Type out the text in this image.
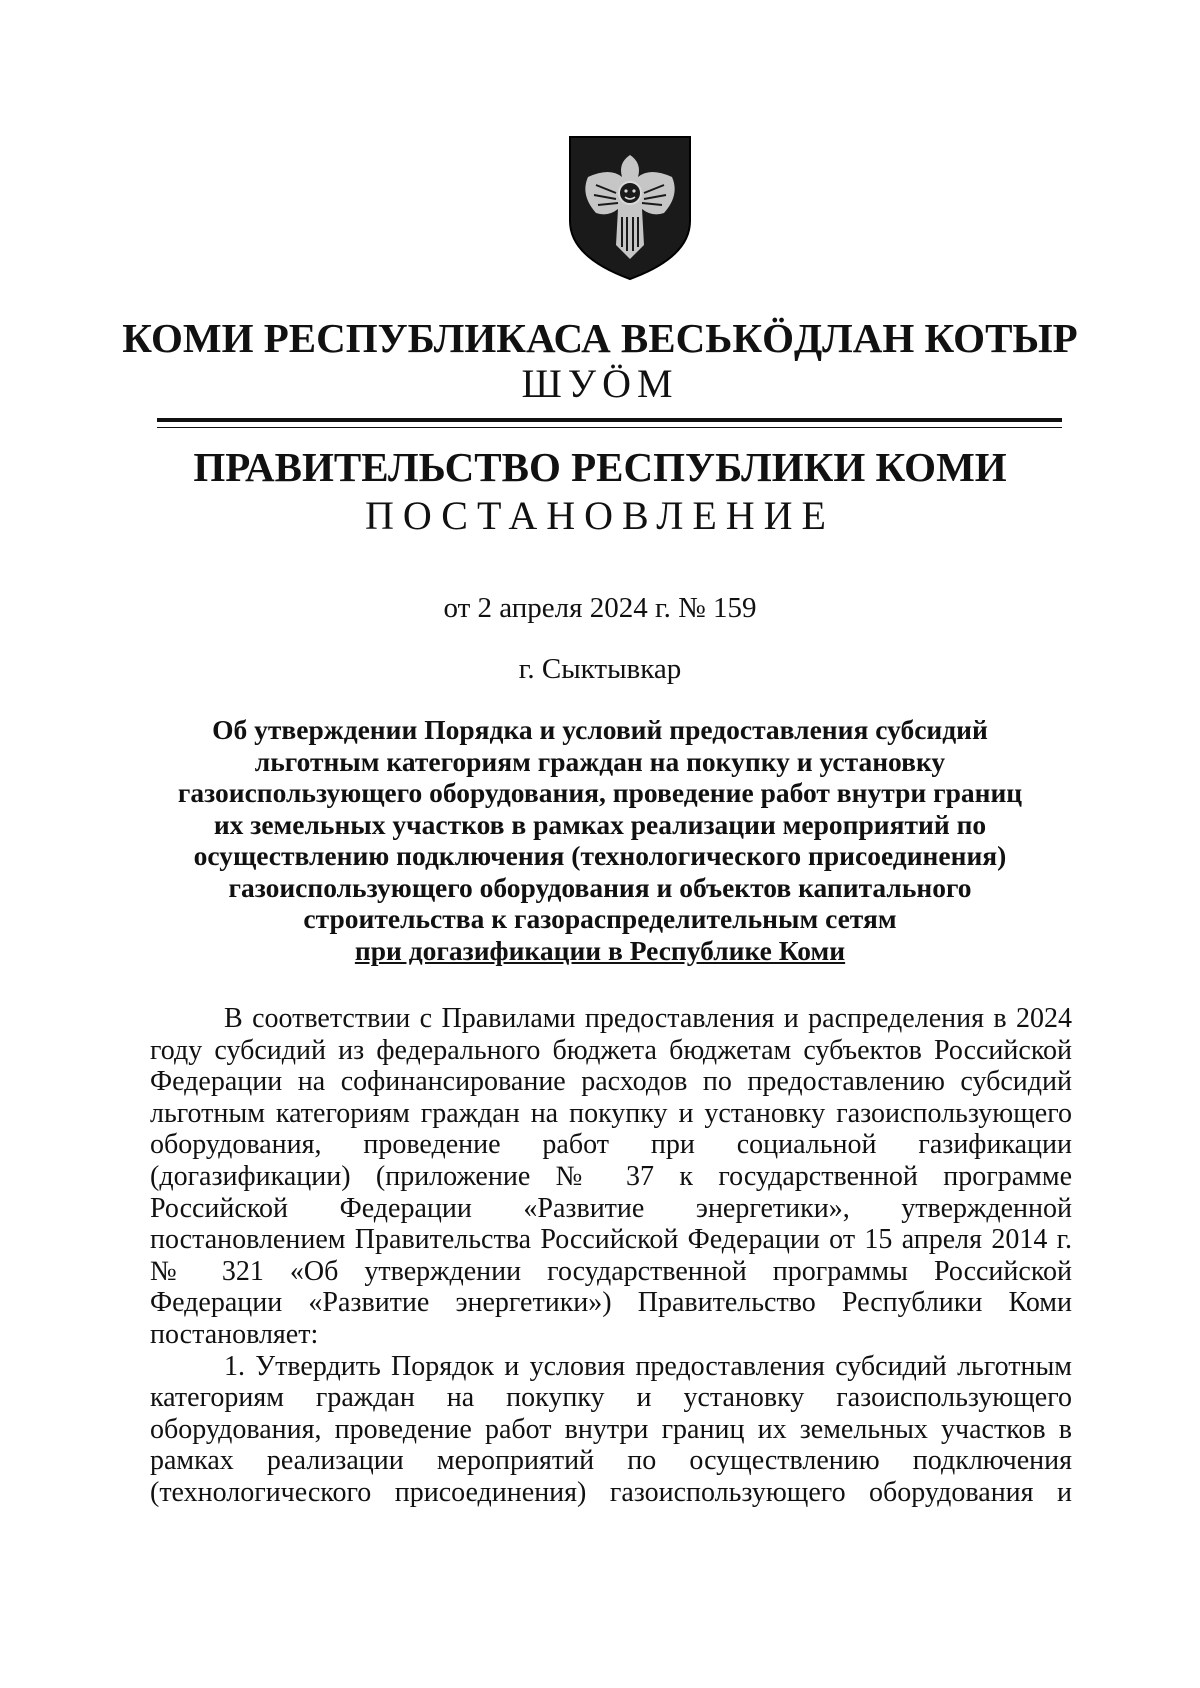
КОМИ РЕСПУБЛИКАСА ВЕСЬКÖДЛАН КОТЫР
ШУÖМ
ПРАВИТЕЛЬСТВО РЕСПУБЛИКИ КОМИ
ПОСТАНОВЛЕНИЕ
от 2 апреля 2024 г. № 159
г. Сыктывкар
Об утверждении Порядка и условий предоставления субсидий
льготным категориям граждан на покупку и установку
газоиспользующего оборудования, проведение работ внутри границ
их земельных участков в рамках реализации мероприятий по
осуществлению подключения (технологического присоединения)
газоиспользующего оборудования и объектов капитального
строительства к газораспределительным сетям
при догазификации в Республике Коми
В соответствии с Правилами предоставления и распределения в 2024
году субсидий из федерального бюджета бюджетам субъектов Российской
Федерации на софинансирование расходов по предоставлению субсидий
льготным категориям граждан на покупку и установку газоиспользующего
оборудования, проведение работ при социальной газификации
(догазификации) (приложение № 37 к государственной программе
Российской Федерации «Развитие энергетики», утвержденной
постановлением Правительства Российской Федерации от 15 апреля 2014 г.
№ 321 «Об утверждении государственной программы Российской
Федерации «Развитие энергетики») Правительство Республики Коми
постановляет:
1. Утвердить Порядок и условия предоставления субсидий льготным
категориям граждан на покупку и установку газоиспользующего
оборудования, проведение работ внутри границ их земельных участков в
рамках реализации мероприятий по осуществлению подключения
(технологического присоединения) газоиспользующего оборудования и
